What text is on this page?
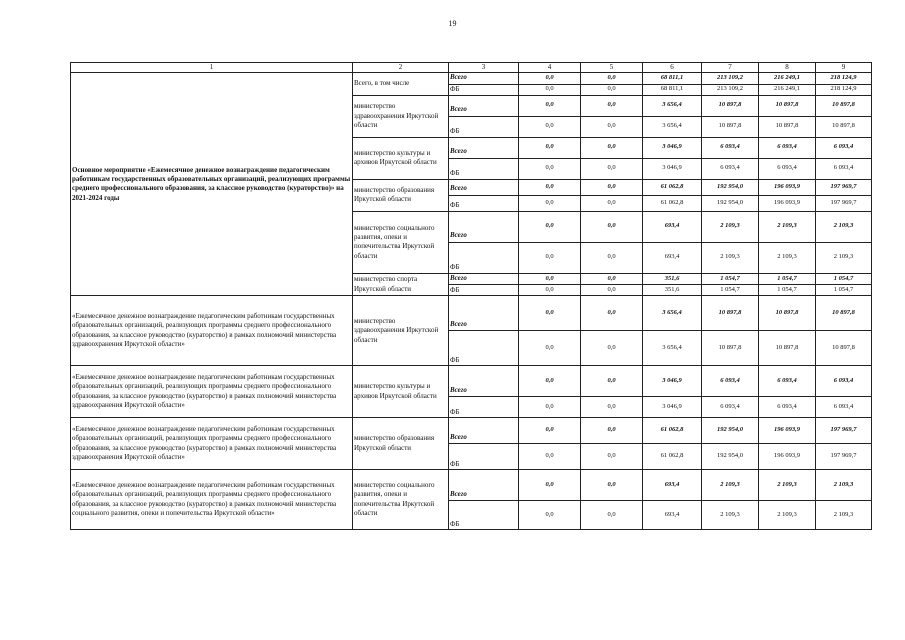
19
1	2	3	4	5	6	7	8	9
Основное мероприятие «Ежемесячное денежное вознаграждение педагогическим работникам государственных образовательных организаций, реализующих программы среднего профессионального образования, за классное руководство (кураторство)» на 2021-2024 годы	Всего, в том числе	Всего	0,0	0,0	68 811,1	213 109,2	216 249,1	218 124,9
		ФБ	0,0	0,0	68 811,1	213 109,2	216 249,1	218 124,9
	министерство здравоохранения Иркутской области	Всего	0,0	0,0	3 656,4	10 897,8	10 897,8	10 897,8
		ФБ	0,0	0,0	3 656,4	10 897,8	10 897,8	10 897,8
	министерство культуры и архивов Иркутской области	Всего	0,0	0,0	3 046,9	6 093,4	6 093,4	6 093,4
		ФБ	0,0	0,0	3 046,9	6 093,4	6 093,4	6 093,4
	министерство образования Иркутской области	Всего	0,0	0,0	61 062,8	192 954,0	196 093,9	197 969,7
		ФБ	0,0	0,0	61 062,8	192 954,0	196 093,9	197 969,7
	министерство социального развития, опеки и попечительства Иркутской области	Всего	0,0	0,0	693,4	2 109,3	2 109,3	2 109,3
		ФБ	0,0	0,0	693,4	2 109,3	2 109,3	2 109,3
	министерство спорта Иркутской области	Всего	0,0	0,0	351,6	1 054,7	1 054,7	1 054,7
		ФБ	0,0	0,0	351,6	1 054,7	1 054,7	1 054,7
«Ежемесячное денежное вознаграждение педагогическим работникам государственных образовательных организаций, реализующих программы среднего профессионального образования, за классное руководство (кураторство) в рамках полномочий министерства здравоохранения Иркутской области»	министерство здравоохранения Иркутской области	Всего	0,0	0,0	3 656,4	10 897,8	10 897,8	10 897,8
		ФБ	0,0	0,0	3 656,4	10 897,8	10 897,8	10 897,8
«Ежемесячное денежное вознаграждение педагогическим работникам государственных образовательных организаций, реализующих программы среднего профессионального образования, за классное руководство (кураторство) в рамках полномочий министерства здравоохранения Иркутской области»	министерство культуры и архивов Иркутской области	Всего	0,0	0,0	3 046,9	6 093,4	6 093,4	6 093,4
		ФБ	0,0	0,0	3 046,9	6 093,4	6 093,4	6 093,4
«Ежемесячное денежное вознаграждение педагогическим работникам государственных образовательных организаций, реализующих программы среднего профессионального образования, за классное руководство (кураторство) в рамках полномочий министерства здравоохранения Иркутской области»	министерство образования Иркутской области	Всего	0,0	0,0	61 062,8	192 954,0	196 093,9	197 969,7
		ФБ	0,0	0,0	61 062,8	192 954,0	196 093,9	197 969,7
«Ежемесячное денежное вознаграждение педагогическим работникам государственных образовательных организаций, реализующих программы среднего профессионального образования, за классное руководство (кураторство) в рамках полномочий министерства социального развития, опеки и попечительства Иркутской области»	министерство социального развития, опеки и попечительства Иркутской области	Всего	0,0	0,0	693,4	2 109,3	2 109,3	2 109,3
		ФБ	0,0	0,0	693,4	2 109,3	2 109,3	2 109,3
